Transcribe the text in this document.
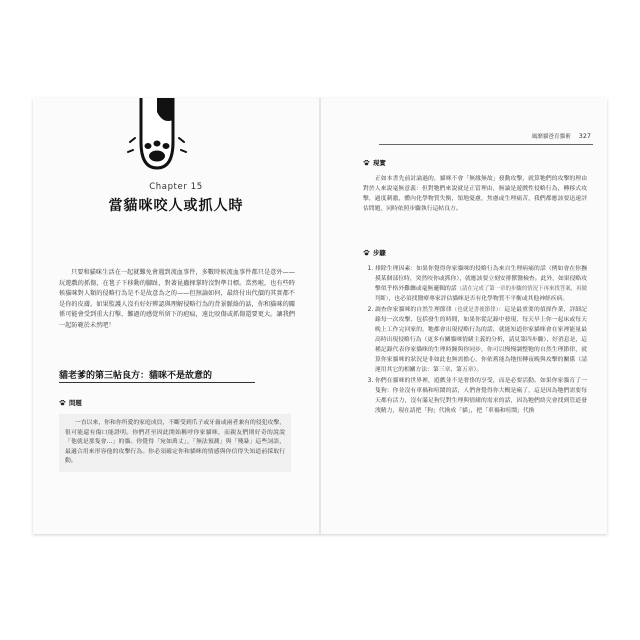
Chapter 15
當貓咪咬人或抓人時

只要和貓咪生活在一起就難免會遇到流血事件，多數時候流血事件都只是意外——玩遊戲的抓傷，在毯子下移動的腳趾，對著昆蟲揮掌時沒對準目標。當然啦，也有些時候貓咪對人類的侵略行為是不是故意為之的——但無論如何，最終付出代價的其實都不是你的皮膚。如果監護人沒有好好辨認與理解侵略行為的背景脈絡的話，你和貓咪的關係可能會受到重大打擊，難過的感覺所留下的疤痕，遠比咬傷或抓傷還要更大。讓我們一起防範於未然吧！

貓老爹的第三帖良方：貓咪不是故意的
問題

一直以來，你和你所愛的家庭成員，不斷受到爪子或牙齒或兩者兼有的侵犯攻擊，很可能還有傷口能證明。你們甚至因此開始稱呼你家貓咪，而親友們則好奇的說說「他就是那隻會…」的貓。你覺得「宛如萬丈」，「無法預測」與「殘暴」這些詞語，最適合用來形容他的攻擊行為。你必須確定你和貓咪的情感與你信得失知道前採取行動。

風靡貓爸育貓術 327
現實

正如本書先前討論過的，貓咪不會「無緣無故」發動攻擊，就算牠們的攻擊的理由對於人來說毫無意義：但對牠們來說就是正當理由，無論是遊戲性侵略行為，轉移式攻擊，過度刺激，體內化學物質失衡，領地憂慮，焦慮或生理痛苦，我們都應該要迅速評估問題，同時依照步驟執行這帖良方。

步驟
1. 排除生理因素：如果你覺得你家貓咪的侵略行為來自生理病痛的話（例如會在你撫摸某個部位時，突然咬你或抓你），就應該要立刻安排獸醫檢查。此外，如果侵略攻擊似乎格外難纏或毫無邏輯的話（請在完成了第一章的步驟的情況下再來找答案，再做判斷），也必須找醫療專家評估貓咪是否有化學物質不平衡或其他神經疾病。
2. 調查你家貓咪的自然生理節律（也就是書後節律）：這是最重要的偵探作業，詳細記錄每一次攻擊，包括發生的時間，如果你從記錄中發現，每天早上你一起床或每天晚上工作完回家的，牠都會出現侵略行為的話，就能知道你家貓咪會在家裡能量最高時出現侵略行為（更多有關貓咪情緒主義的分析，請見第四步驟），好消息是，這種記錄代表你家貓咪的生理時鐘與你同步，你可以慢慢調整牠的自然生理節律，就算你家貓咪的狀況是非如此也無需擔心，你依舊能為牠扭轉夜晚與攻擊的關係（請運用其它的相關方法：第三章、第五章）。
3. 你們在貓咪的世界裡，遊戲並不是奢侈的享受，而是必要活動。如果你家貓育了一隻狗：你並沒有車禍和喧鬧的話，人們會覺得你大概是瘋了，這是因為牠們需要每天都有活力，沒有滿足狗兒對生理與情緒的需求的話，因為牠們終究會找到管道發洩精力，現在請把「狗」代換成「貓」，把「車禍和喧鬧」代換
